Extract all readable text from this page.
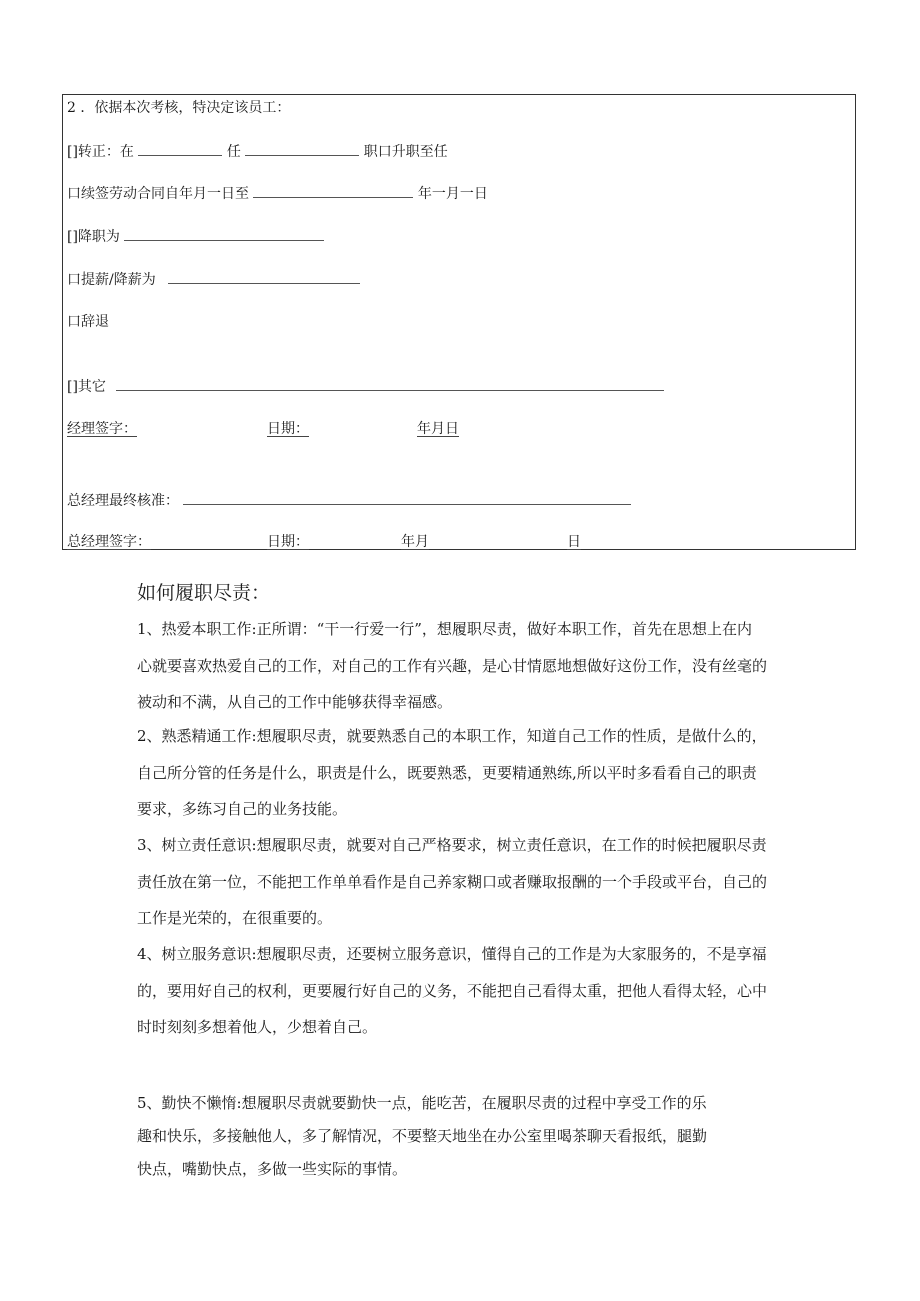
2 ．依据本次考核，特决定该员工：
[]转正：在	任	职口升职至任
口续签劳动合同自年月一日至	年一月一日
[]降职为
口提薪/降薪为
口辞退
[]其它
经理签字：	日期：	年月日
总经理最终核准：
总经理签字：	日期：	年月	日
如何履职尽责：
1、热爱本职工作:正所谓：“干一行爱一行”，想履职尽责，做好本职工作，首先在思想上在内
心就要喜欢热爱自己的工作，对自己的工作有兴趣，是心甘情愿地想做好这份工作，没有丝毫的
被动和不满，从自己的工作中能够获得幸福感。
2、熟悉精通工作:想履职尽责，就要熟悉自己的本职工作，知道自己工作的性质，是做什么的，
自己所分管的任务是什么，职责是什么，既要熟悉，更要精通熟练,所以平时多看看自己的职责
要求，多练习自己的业务技能。
3、树立责任意识:想履职尽责，就要对自己严格要求，树立责任意识，在工作的时候把履职尽责
责任放在第一位，不能把工作单单看作是自己养家糊口或者赚取报酬的一个手段或平台，自己的
工作是光荣的，在很重要的。
4、树立服务意识:想履职尽责，还要树立服务意识，懂得自己的工作是为大家服务的，不是享福
的，要用好自己的权利，更要履行好自己的义务，不能把自己看得太重，把他人看得太轻，心中
时时刻刻多想着他人，少想着自己。
5、勤快不懒惰:想履职尽责就要勤快一点，能吃苦，在履职尽责的过程中享受工作的乐
趣和快乐，多接触他人，多了解情况，不要整天地坐在办公室里喝茶聊天看报纸，腿勤
快点，嘴勤快点，多做一些实际的事情。
